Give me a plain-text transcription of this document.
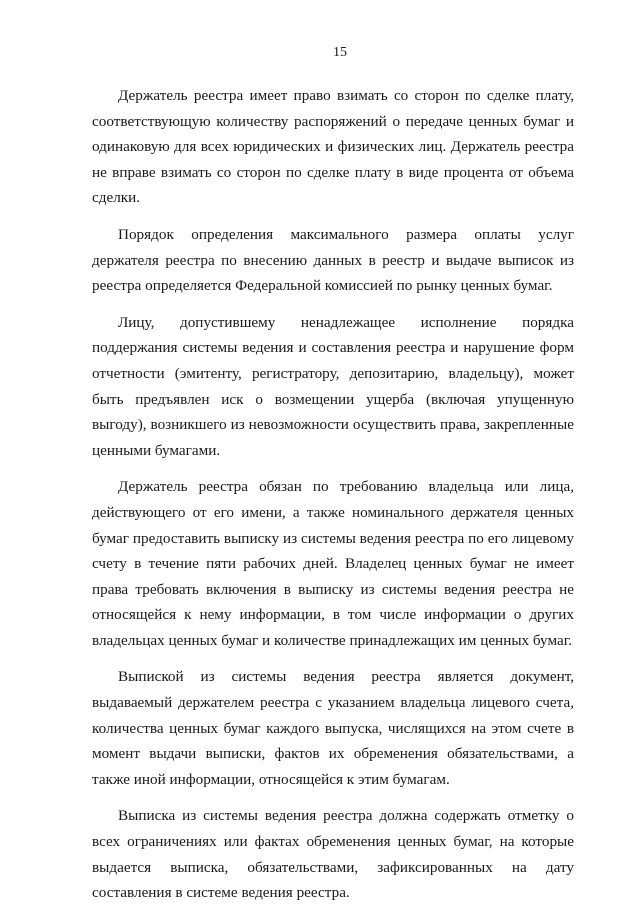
15

Держатель реестра имеет право взимать со сторон по сделке плату, соответствующую количеству распоряжений о передаче ценных бумаг и одинаковую для всех юридических и физических лиц. Держатель реестра не вправе взимать со сторон по сделке плату в виде процента от объема сделки.

Порядок определения максимального размера оплаты услуг держателя реестра по внесению данных в реестр и выдаче выписок из реестра определяется Федеральной комиссией по рынку ценных бумаг.

Лицу, допустившему ненадлежащее исполнение порядка поддержания системы ведения и составления реестра и нарушение форм отчетности (эмитенту, регистратору, депозитарию, владельцу), может быть предъявлен иск о возмещении ущерба (включая упущенную выгоду), возникшего из невозможности осуществить права, закрепленные ценными бумагами.

Держатель реестра обязан по требованию владельца или лица, действующего от его имени, а также номинального держателя ценных бумаг предоставить выписку из системы ведения реестра по его лицевому счету в течение пяти рабочих дней. Владелец ценных бумаг не имеет права требовать включения в выписку из системы ведения реестра не относящейся к нему информации, в том числе информации о других владельцах ценных бумаг и количестве принадлежащих им ценных бумаг.

Выпиской из системы ведения реестра является документ, выдаваемый держателем реестра с указанием владельца лицевого счета, количества ценных бумаг каждого выпуска, числящихся на этом счете в момент выдачи выписки, фактов их обременения обязательствами, а также иной информации, относящейся к этим бумагам.

Выписка из системы ведения реестра должна содержать отметку о всех ограничениях или фактах обременения ценных бумаг, на которые выдается выписка, обязательствами, зафиксированных на дату составления в системе ведения реестра.
